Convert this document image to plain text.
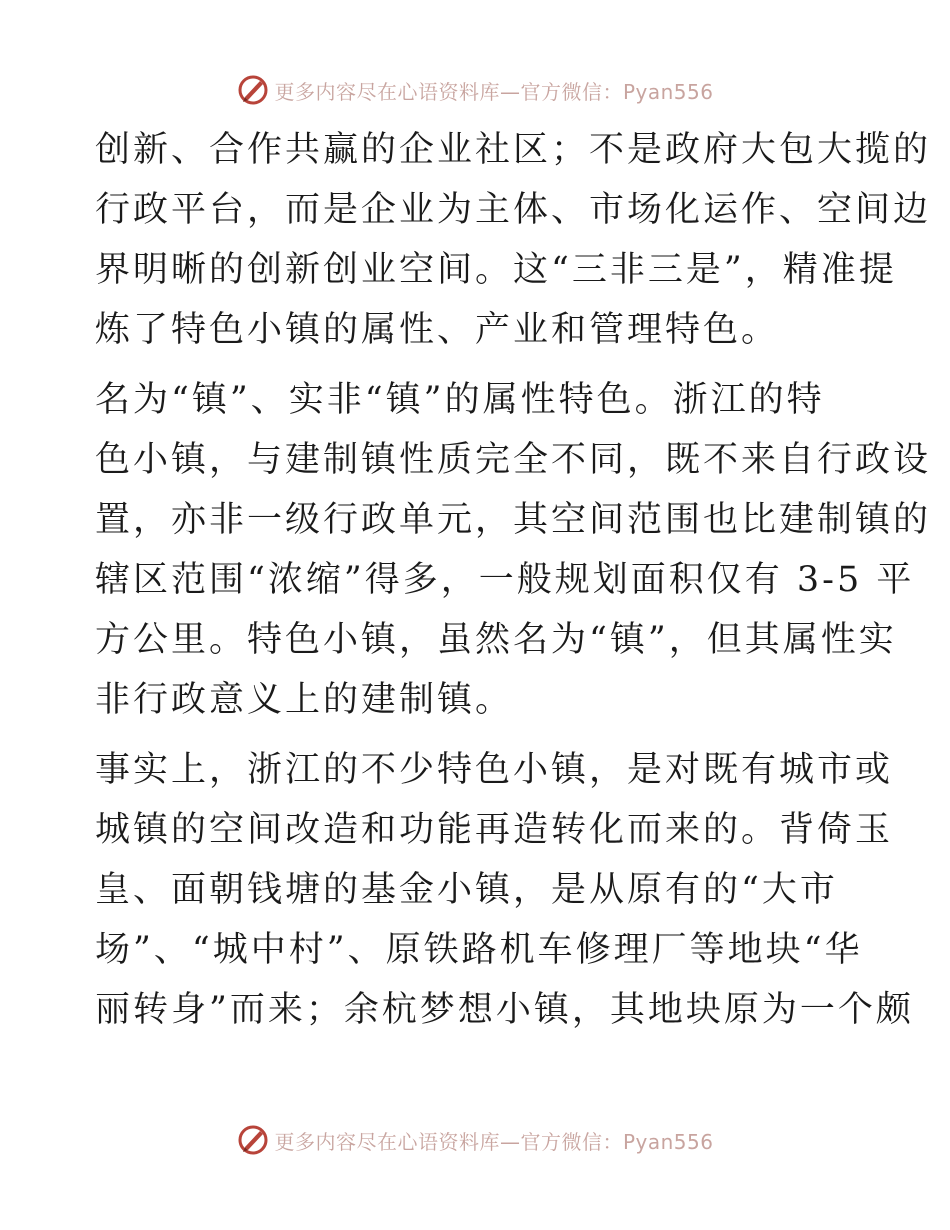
更多内容尽在心语资料库—官方微信：Pyan556

创新、合作共赢的企业社区；不是政府大包大揽的
行政平台，而是企业为主体、市场化运作、空间边
界明晰的创新创业空间。这“三非三是”，精准提
炼了特色小镇的属性、产业和管理特色。

名为“镇”、实非“镇”的属性特色。浙江的特
色小镇，与建制镇性质完全不同，既不来自行政设
置，亦非一级行政单元，其空间范围也比建制镇的
辖区范围“浓缩”得多，一般规划面积仅有 3-5 平
方公里。特色小镇，虽然名为“镇”，但其属性实
非行政意义上的建制镇。

事实上，浙江的不少特色小镇，是对既有城市或
城镇的空间改造和功能再造转化而来的。背倚玉
皇、面朝钱塘的基金小镇，是从原有的“大市
场”、“城中村”、原铁路机车修理厂等地块“华
丽转身”而来；余杭梦想小镇，其地块原为一个颇

更多内容尽在心语资料库—官方微信：Pyan556
